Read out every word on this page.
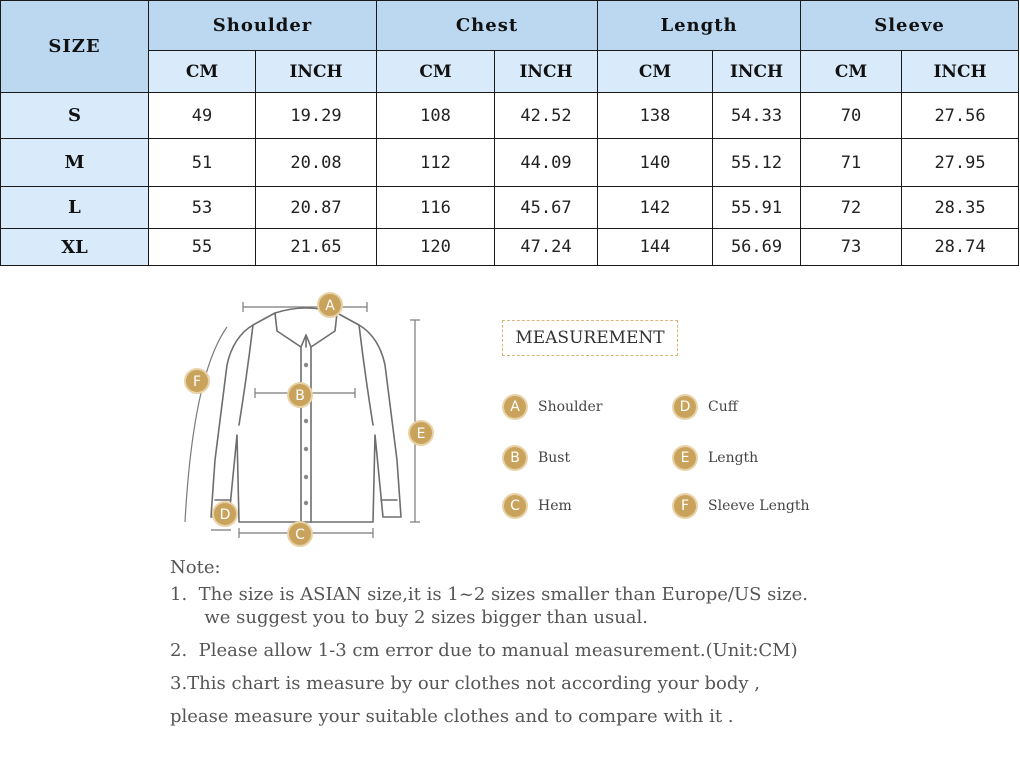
SIZE	Shoulder		Chest		Length		Sleeve	
	CM	INCH	CM	INCH	CM	INCH	CM	INCH
S	49	19.29	108	42.52	138	54.33	70	27.56
M	51	20.08	112	44.09	140	55.12	71	27.95
L	53	20.87	116	45.67	142	55.91	72	28.35
XL	55	21.65	120	47.24	144	56.69	73	28.74
A
B
C
D
E
F
MEASUREMENT
A	Shoulder
B	Bust
C	Hem
D	Cuff
E	Length
F	Sleeve Length
Note:
1.  The size is ASIAN size,it is 1~2 sizes smaller than Europe/US size.
we suggest you to buy 2 sizes bigger than usual.
2.  Please allow 1-3 cm error due to manual measurement.(Unit:CM)
3.This chart is measure by our clothes not according your body ,
please measure your suitable clothes and to compare with it .
